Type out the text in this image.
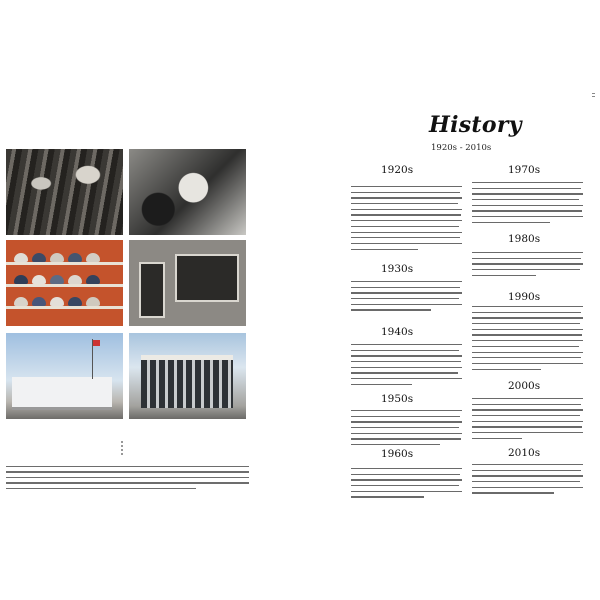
History
1920s - 2010s
1920s
1930s
1940s
1950s
1960s
1970s
1980s
1990s
2000s
2010s
